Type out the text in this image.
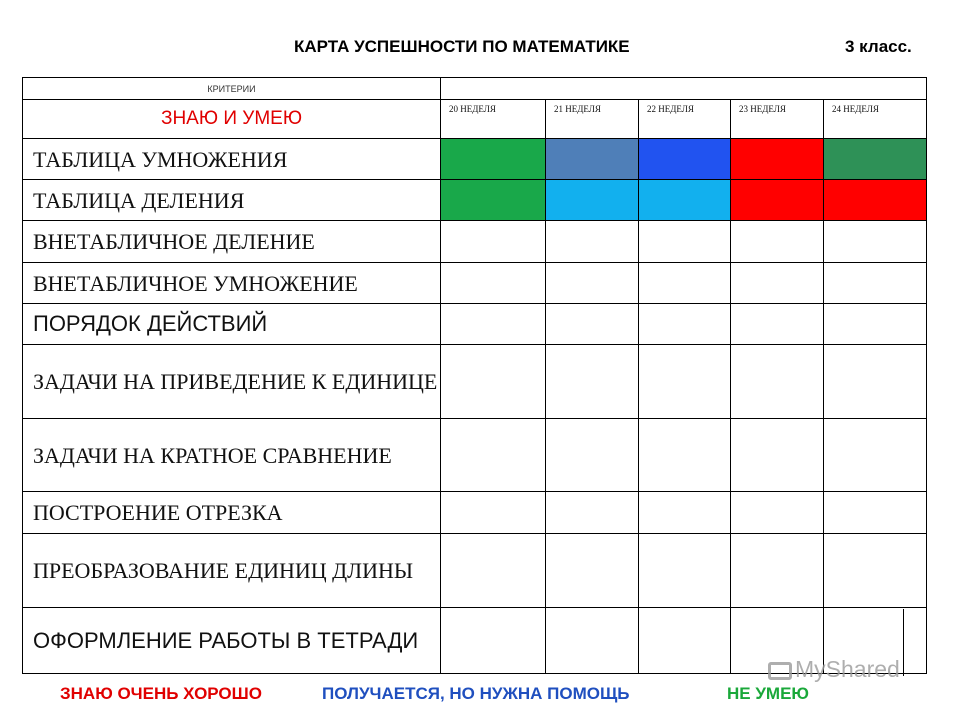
КАРТА УСПЕШНОСТИ ПО МАТЕМАТИКЕ	3 класс.
КРИТЕРИИ					
ЗНАЮ И УМЕЮ	20 НЕДЕЛЯ	21 НЕДЕЛЯ	22 НЕДЕЛЯ	23 НЕДЕЛЯ	24 НЕДЕЛЯ
ТАБЛИЦА УМНОЖЕНИЯ					
ТАБЛИЦА ДЕЛЕНИЯ					
ВНЕТАБЛИЧНОЕ ДЕЛЕНИЕ					
ВНЕТАБЛИЧНОЕ УМНОЖЕНИЕ					
ПОРЯДОК ДЕЙСТВИЙ					
ЗАДАЧИ НА ПРИВЕДЕНИЕ К ЕДИНИЦЕ					
ЗАДАЧИ НА КРАТНОЕ СРАВНЕНИЕ					
ПОСТРОЕНИЕ ОТРЕЗКА					
ПРЕОБРАЗОВАНИЕ ЕДИНИЦ ДЛИНЫ					
ОФОРМЛЕНИЕ РАБОТЫ В ТЕТРАДИ					
ЗНАЮ ОЧЕНЬ ХОРОШО	ПОЛУЧАЕТСЯ, НО НУЖНА ПОМОЩЬ	НЕ УМЕЮ
MyShared
